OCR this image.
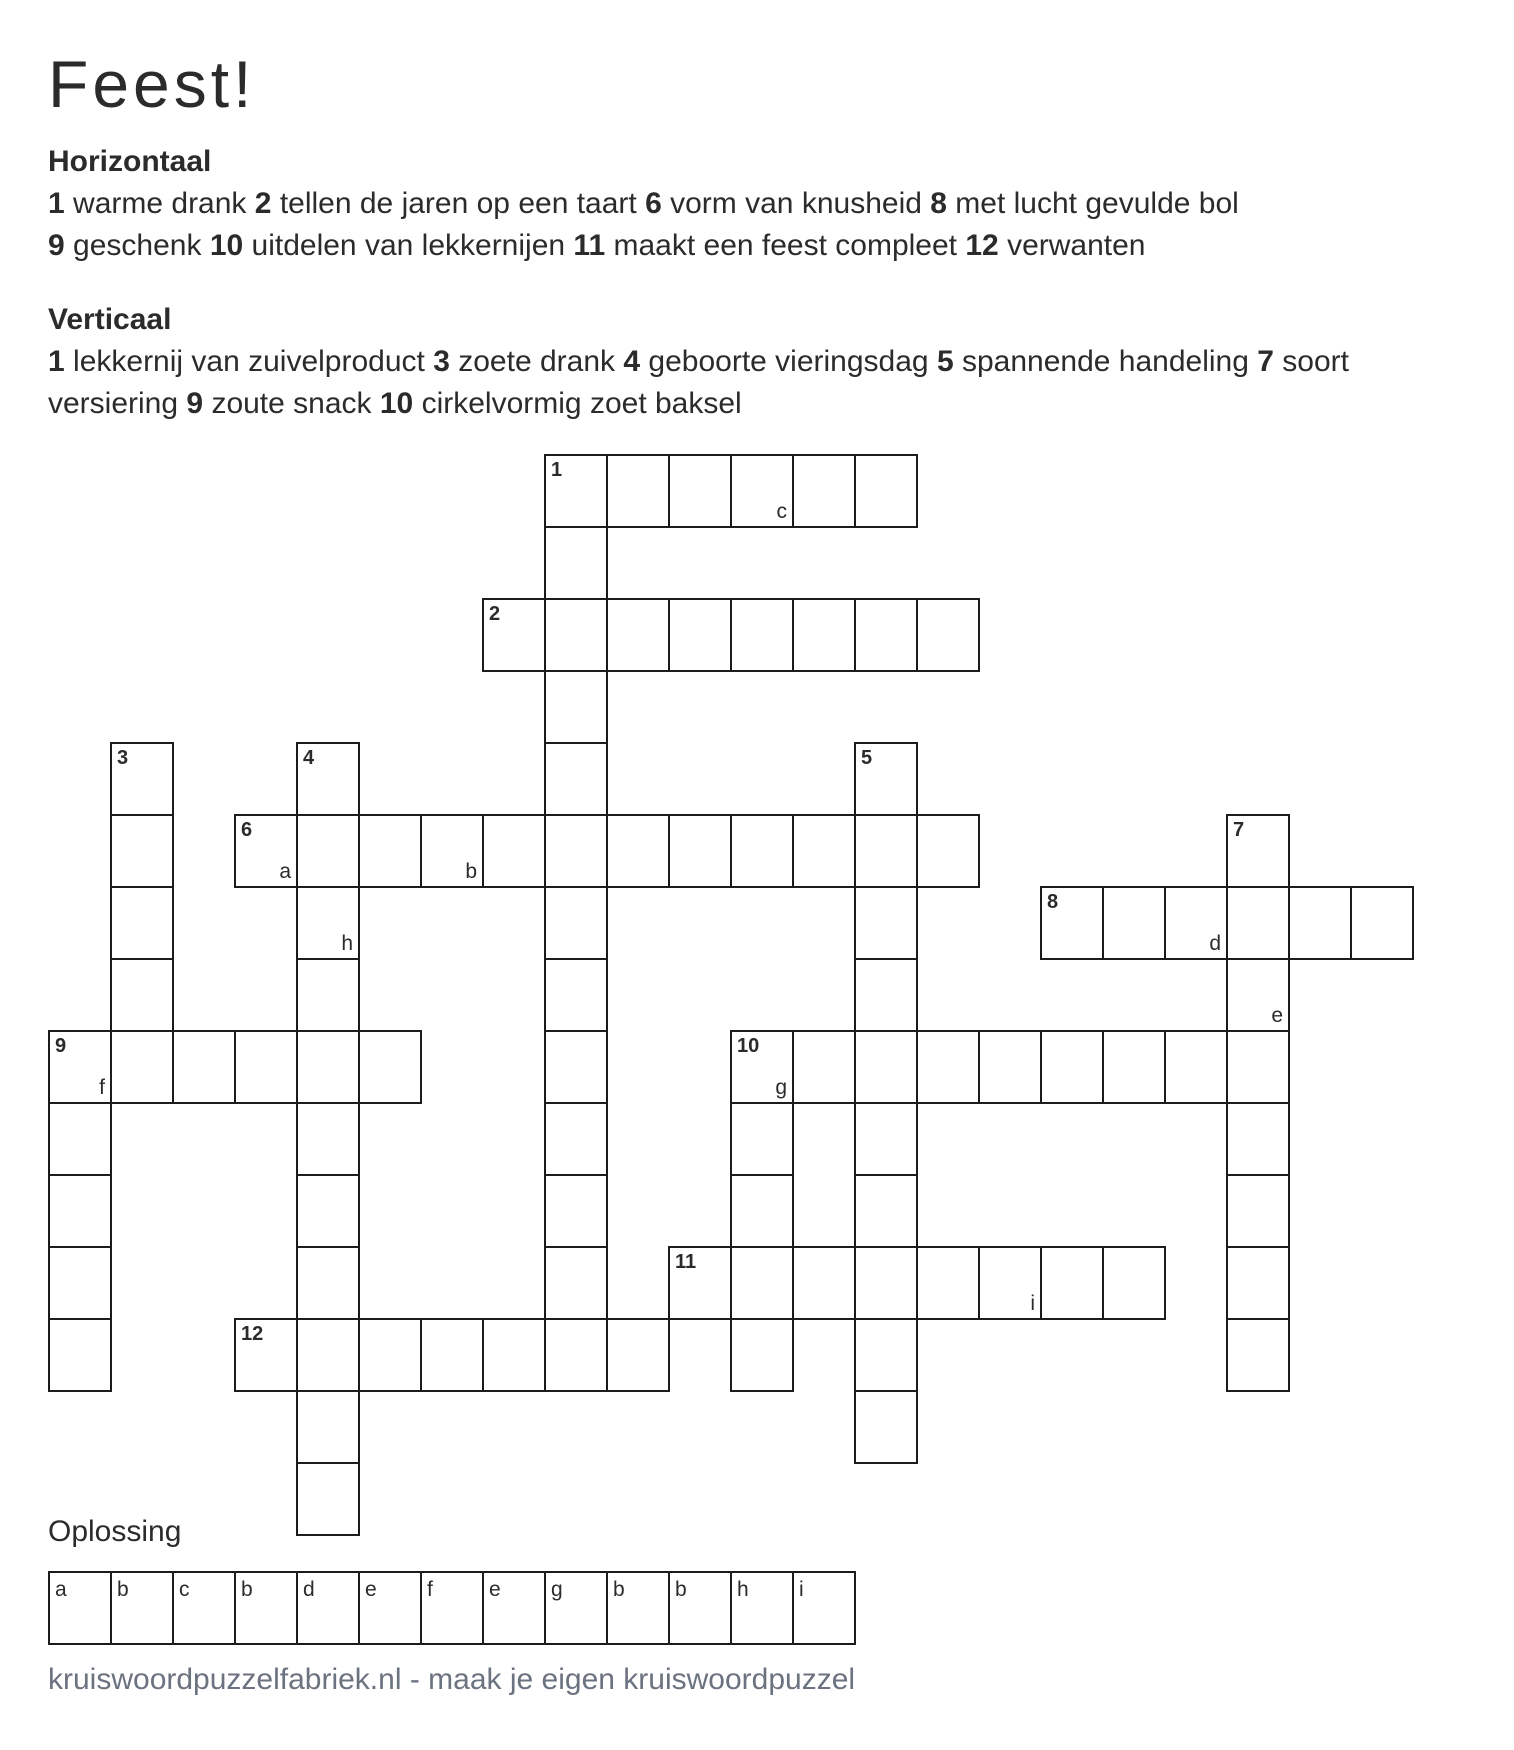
Feest!
Horizontaal
1 warme drank 2 tellen de jaren op een taart 6 vorm van knusheid 8 met lucht gevulde bol
9 geschenk 10 uitdelen van lekkernijen 11 maakt een feest compleet 12 verwanten
Verticaal
1 lekkernij van zuivelproduct 3 zoete drank 4 geboorte vieringsdag 5 spannende handeling 7 soort versiering 9 zoute snack 10 cirkelvormig zoet baksel
1
c
2
3	4
h
5
6
a	b
7
e
8
d
9
f
10
g
11
i
12
Oplossing
a b c b d e f	e g b b h i
kruiswoordpuzzelfabriek.nl - maak je eigen kruiswoordpuzzel
